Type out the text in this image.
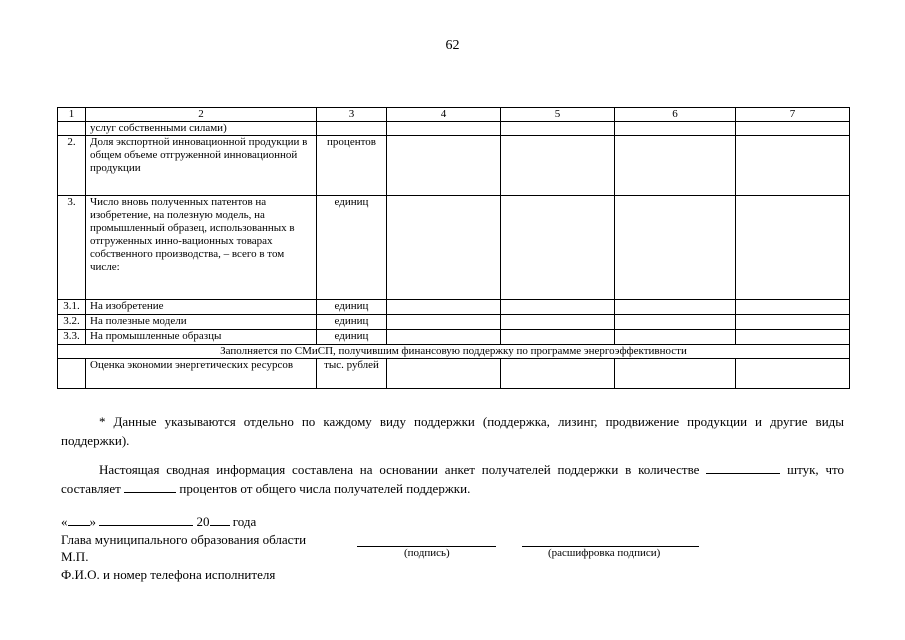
62
1	2	3	4	5	6	7
	услуг собственными силами)					
2.	Доля экспортной инновационной продукции в общем объеме отгруженной инновационной продукции	процентов				
3.	Число вновь полученных патентов на изобретение, на полезную модель, на промышленный образец, использованных в отгруженных инно-вационных товарах собственного производства, – всего в том числе:	единиц				
3.1.	На изобретение	единиц				
3.2.	На полезные модели	единиц				
3.3.	На промышленные образцы	единиц				
Заполняется по СМиСП, получившим финансовую поддержку по программе энергоэффективности						
	Оценка экономии энергетических ресурсов	тыс. рублей				
* Данные указываются отдельно по каждому виду поддержки (поддержка, лизинг, продвижение продукции и другие виды поддержки).
Настоящая сводная информация составлена на основании анкет получателей поддержки в количестве	штук, что составляет	процентов от общего числа получателей поддержки.
« »	20 года
Глава муниципального образования области
(подпись)	(расшифровка подписи)
М.П.
Ф.И.О. и номер телефона исполнителя
